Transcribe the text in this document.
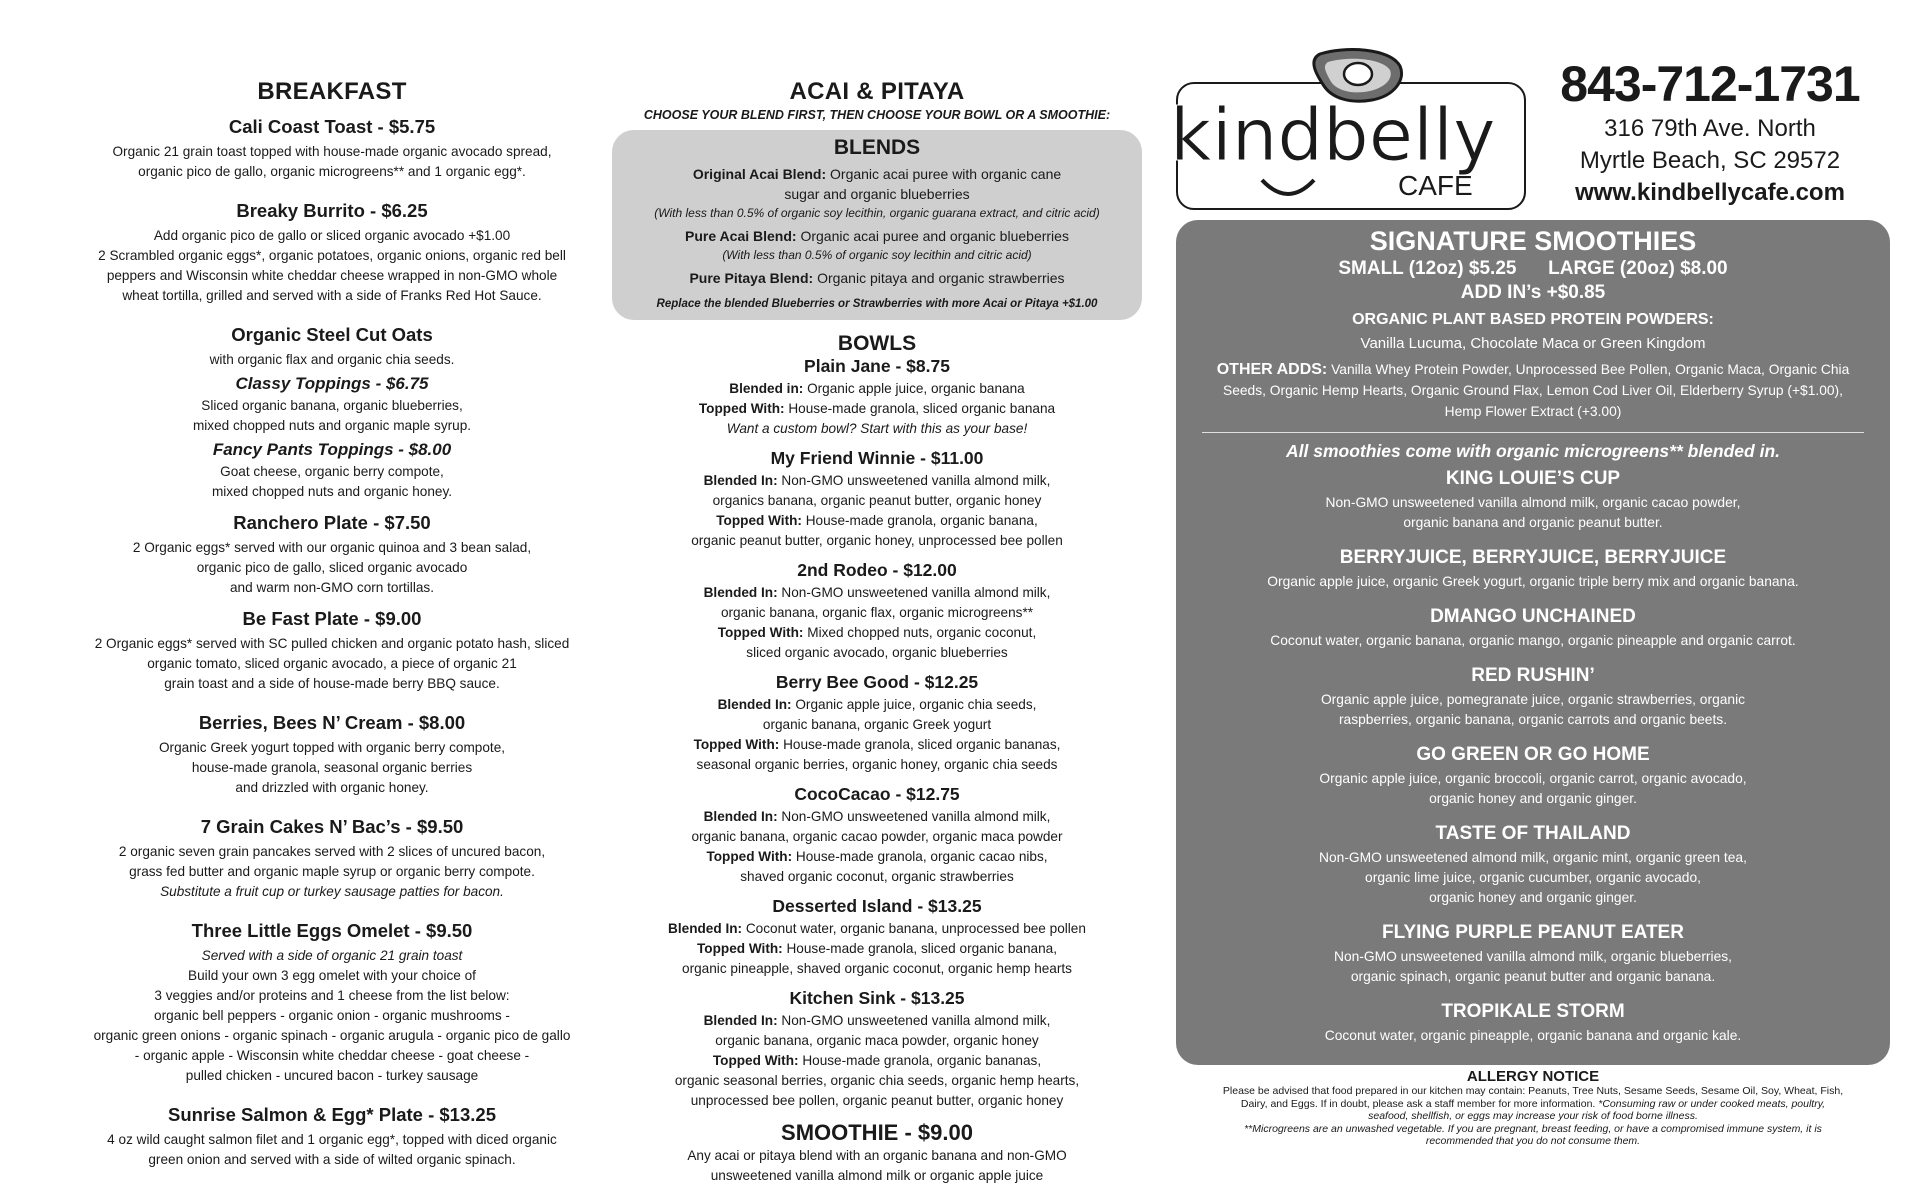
BREAKFAST
Cali Coast Toast - $5.75
Organic 21 grain toast topped with house-made organic avocado spread,
organic pico de gallo, organic microgreens** and 1 organic egg*.
Breaky Burrito - $6.25
Add organic pico de gallo or sliced organic avocado +$1.00
2 Scrambled organic eggs*, organic potatoes, organic onions, organic red bell
peppers and Wisconsin white cheddar cheese wrapped in non-GMO whole
wheat tortilla, grilled and served with a side of Franks Red Hot Sauce.
Organic Steel Cut Oats
with organic flax and organic chia seeds.
Classy Toppings - $6.75
Sliced organic banana, organic blueberries,
mixed chopped nuts and organic maple syrup.
Fancy Pants Toppings - $8.00
Goat cheese, organic berry compote,
mixed chopped nuts and organic honey.
Ranchero Plate - $7.50
2 Organic eggs* served with our organic quinoa and 3 bean salad,
organic pico de gallo, sliced organic avocado
and warm non-GMO corn tortillas.
Be Fast Plate - $9.00
2 Organic eggs* served with SC pulled chicken and organic potato hash, sliced
organic tomato, sliced organic avocado, a piece of organic 21
grain toast and a side of house-made berry BBQ sauce.
Berries, Bees N’ Cream - $8.00
Organic Greek yogurt topped with organic berry compote,
house-made granola, seasonal organic berries
and drizzled with organic honey.
7 Grain Cakes N’ Bac’s - $9.50
2 organic seven grain pancakes served with 2 slices of uncured bacon,
grass fed butter and organic maple syrup or organic berry compote.
Substitute a fruit cup or turkey sausage patties for bacon.
Three Little Eggs Omelet - $9.50
Served with a side of organic 21 grain toast
Build your own 3 egg omelet with your choice of
3 veggies and/or proteins and 1 cheese from the list below:
organic bell peppers - organic onion - organic mushrooms -
organic green onions - organic spinach - organic arugula - organic pico de gallo
- organic apple - Wisconsin white cheddar cheese - goat cheese -
pulled chicken - uncured bacon - turkey sausage
Sunrise Salmon & Egg* Plate - $13.25
4 oz wild caught salmon filet and 1 organic egg*, topped with diced organic
green onion and served with a side of wilted organic spinach.
ACAI & PITAYA
CHOOSE YOUR BLEND FIRST, THEN CHOOSE YOUR BOWL OR A SMOOTHIE:
BLENDS
Original Acai Blend: Organic acai puree with organic cane
sugar and organic blueberries
(With less than 0.5% of organic soy lecithin, organic guarana extract, and citric acid)
Pure Acai Blend: Organic acai puree and organic blueberries
(With less than 0.5% of organic soy lecithin and citric acid)
Pure Pitaya Blend: Organic pitaya and organic strawberries
Replace the blended Blueberries or Strawberries with more Acai or Pitaya +$1.00
BOWLS
Plain Jane - $8.75
Blended in: Organic apple juice, organic banana
Topped With: House-made granola, sliced organic banana
Want a custom bowl? Start with this as your base!
My Friend Winnie - $11.00
Blended In: Non-GMO unsweetened vanilla almond milk,
organics banana, organic peanut butter, organic honey
Topped With: House-made granola, organic banana,
organic peanut butter, organic honey, unprocessed bee pollen
2nd Rodeo - $12.00
Blended In: Non-GMO unsweetened vanilla almond milk,
organic banana, organic flax, organic microgreens**
Topped With: Mixed chopped nuts, organic coconut,
sliced organic avocado, organic blueberries
Berry Bee Good - $12.25
Blended In: Organic apple juice, organic chia seeds,
organic banana, organic Greek yogurt
Topped With: House-made granola, sliced organic bananas,
seasonal organic berries, organic honey, organic chia seeds
CocoCacao - $12.75
Blended In: Non-GMO unsweetened vanilla almond milk,
organic banana, organic cacao powder, organic maca powder
Topped With: House-made granola, organic cacao nibs,
shaved organic coconut, organic strawberries
Desserted Island - $13.25
Blended In: Coconut water, organic banana, unprocessed bee pollen
Topped With: House-made granola, sliced organic banana,
organic pineapple, shaved organic coconut, organic hemp hearts
Kitchen Sink - $13.25
Blended In: Non-GMO unsweetened vanilla almond milk,
organic banana, organic maca powder, organic honey
Topped With: House-made granola, organic bananas,
organic seasonal berries, organic chia seeds, organic hemp hearts,
unprocessed bee pollen, organic peanut butter, organic honey
SMOOTHIE - $9.00
Any acai or pitaya blend with an organic banana and non-GMO
unsweetened vanilla almond milk or organic apple juice
kindbelly
CAFÉ
843-712-1731
316 79th Ave. North
Myrtle Beach, SC 29572
www.kindbellycafe.com
SIGNATURE SMOOTHIES
SMALL (12oz) $5.25      LARGE (20oz) $8.00
ADD IN’s +$0.85
ORGANIC PLANT BASED PROTEIN POWDERS:
Vanilla Lucuma, Chocolate Maca or Green Kingdom
OTHER ADDS: Vanilla Whey Protein Powder, Unprocessed Bee Pollen, Organic Maca, Organic Chia
Seeds, Organic Hemp Hearts, Organic Ground Flax, Lemon Cod Liver Oil, Elderberry Syrup (+$1.00),
Hemp Flower Extract (+3.00)
All smoothies come with organic microgreens** blended in.
KING LOUIE’S CUP
Non-GMO unsweetened vanilla almond milk, organic cacao powder,
organic banana and organic peanut butter.
BERRYJUICE, BERRYJUICE, BERRYJUICE
Organic apple juice, organic Greek yogurt, organic triple berry mix and organic banana.
DMANGO UNCHAINED
Coconut water, organic banana, organic mango, organic pineapple and organic carrot.
RED RUSHIN’
Organic apple juice, pomegranate juice, organic strawberries, organic
raspberries, organic banana, organic carrots and organic beets.
GO GREEN OR GO HOME
Organic apple juice, organic broccoli, organic carrot, organic avocado,
organic honey and organic ginger.
TASTE OF THAILAND
Non-GMO unsweetened almond milk, organic mint, organic green tea,
organic lime juice, organic cucumber, organic avocado,
organic honey and organic ginger.
FLYING PURPLE PEANUT EATER
Non-GMO unsweetened vanilla almond milk, organic blueberries,
organic spinach, organic peanut butter and organic banana.
TROPIKALE STORM
Coconut water, organic pineapple, organic banana and organic kale.
ALLERGY NOTICE
Please be advised that food prepared in our kitchen may contain: Peanuts, Tree Nuts, Sesame Seeds, Sesame Oil, Soy, Wheat, Fish,
Dairy, and Eggs. If in doubt, please ask a staff member for more information. *Consuming raw or under cooked meats, poultry,
seafood, shellfish, or eggs may increase your risk of food borne illness.
**Microgreens are an unwashed vegetable. If you are pregnant, breast feeding, or have a compromised immune system, it is
recommended that you do not consume them.
